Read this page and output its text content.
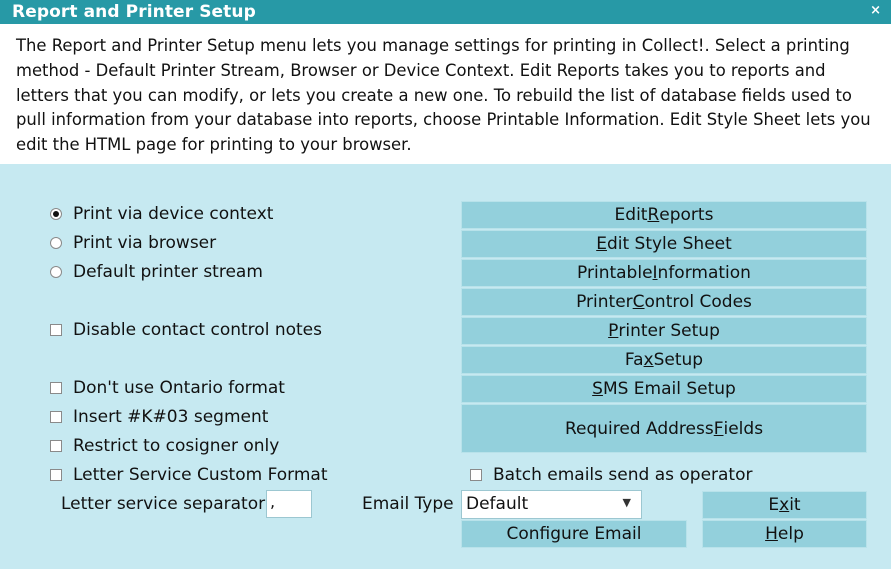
Report and Printer Setup	×

The Report and Printer Setup menu lets you manage settings for printing in Collect!. Select a printing method - Default Printer Stream, Browser or Device Context. Edit Reports takes you to reports and letters that you can modify, or lets you create a new one. To rebuild the list of database fields used to pull information from your database into reports, choose Printable Information. Edit Style Sheet lets you edit the HTML page for printing to your browser.

Print via device context
Print via browser
Default printer stream
Disable contact control notes
Don't use Ontario format
Insert #K#03 segment
Restrict to cosigner only
Letter Service Custom Format	Batch emails send as operator
Edit R eports
E dit Style Sheet
Printable I nformation
Printer C ontrol Codes
P rinter Setup
Fa x Setup
S MS Email Setup
Required Address F ields
Letter service separator ,	Email Type Default	▼
Configure Email
E x it
H elp
